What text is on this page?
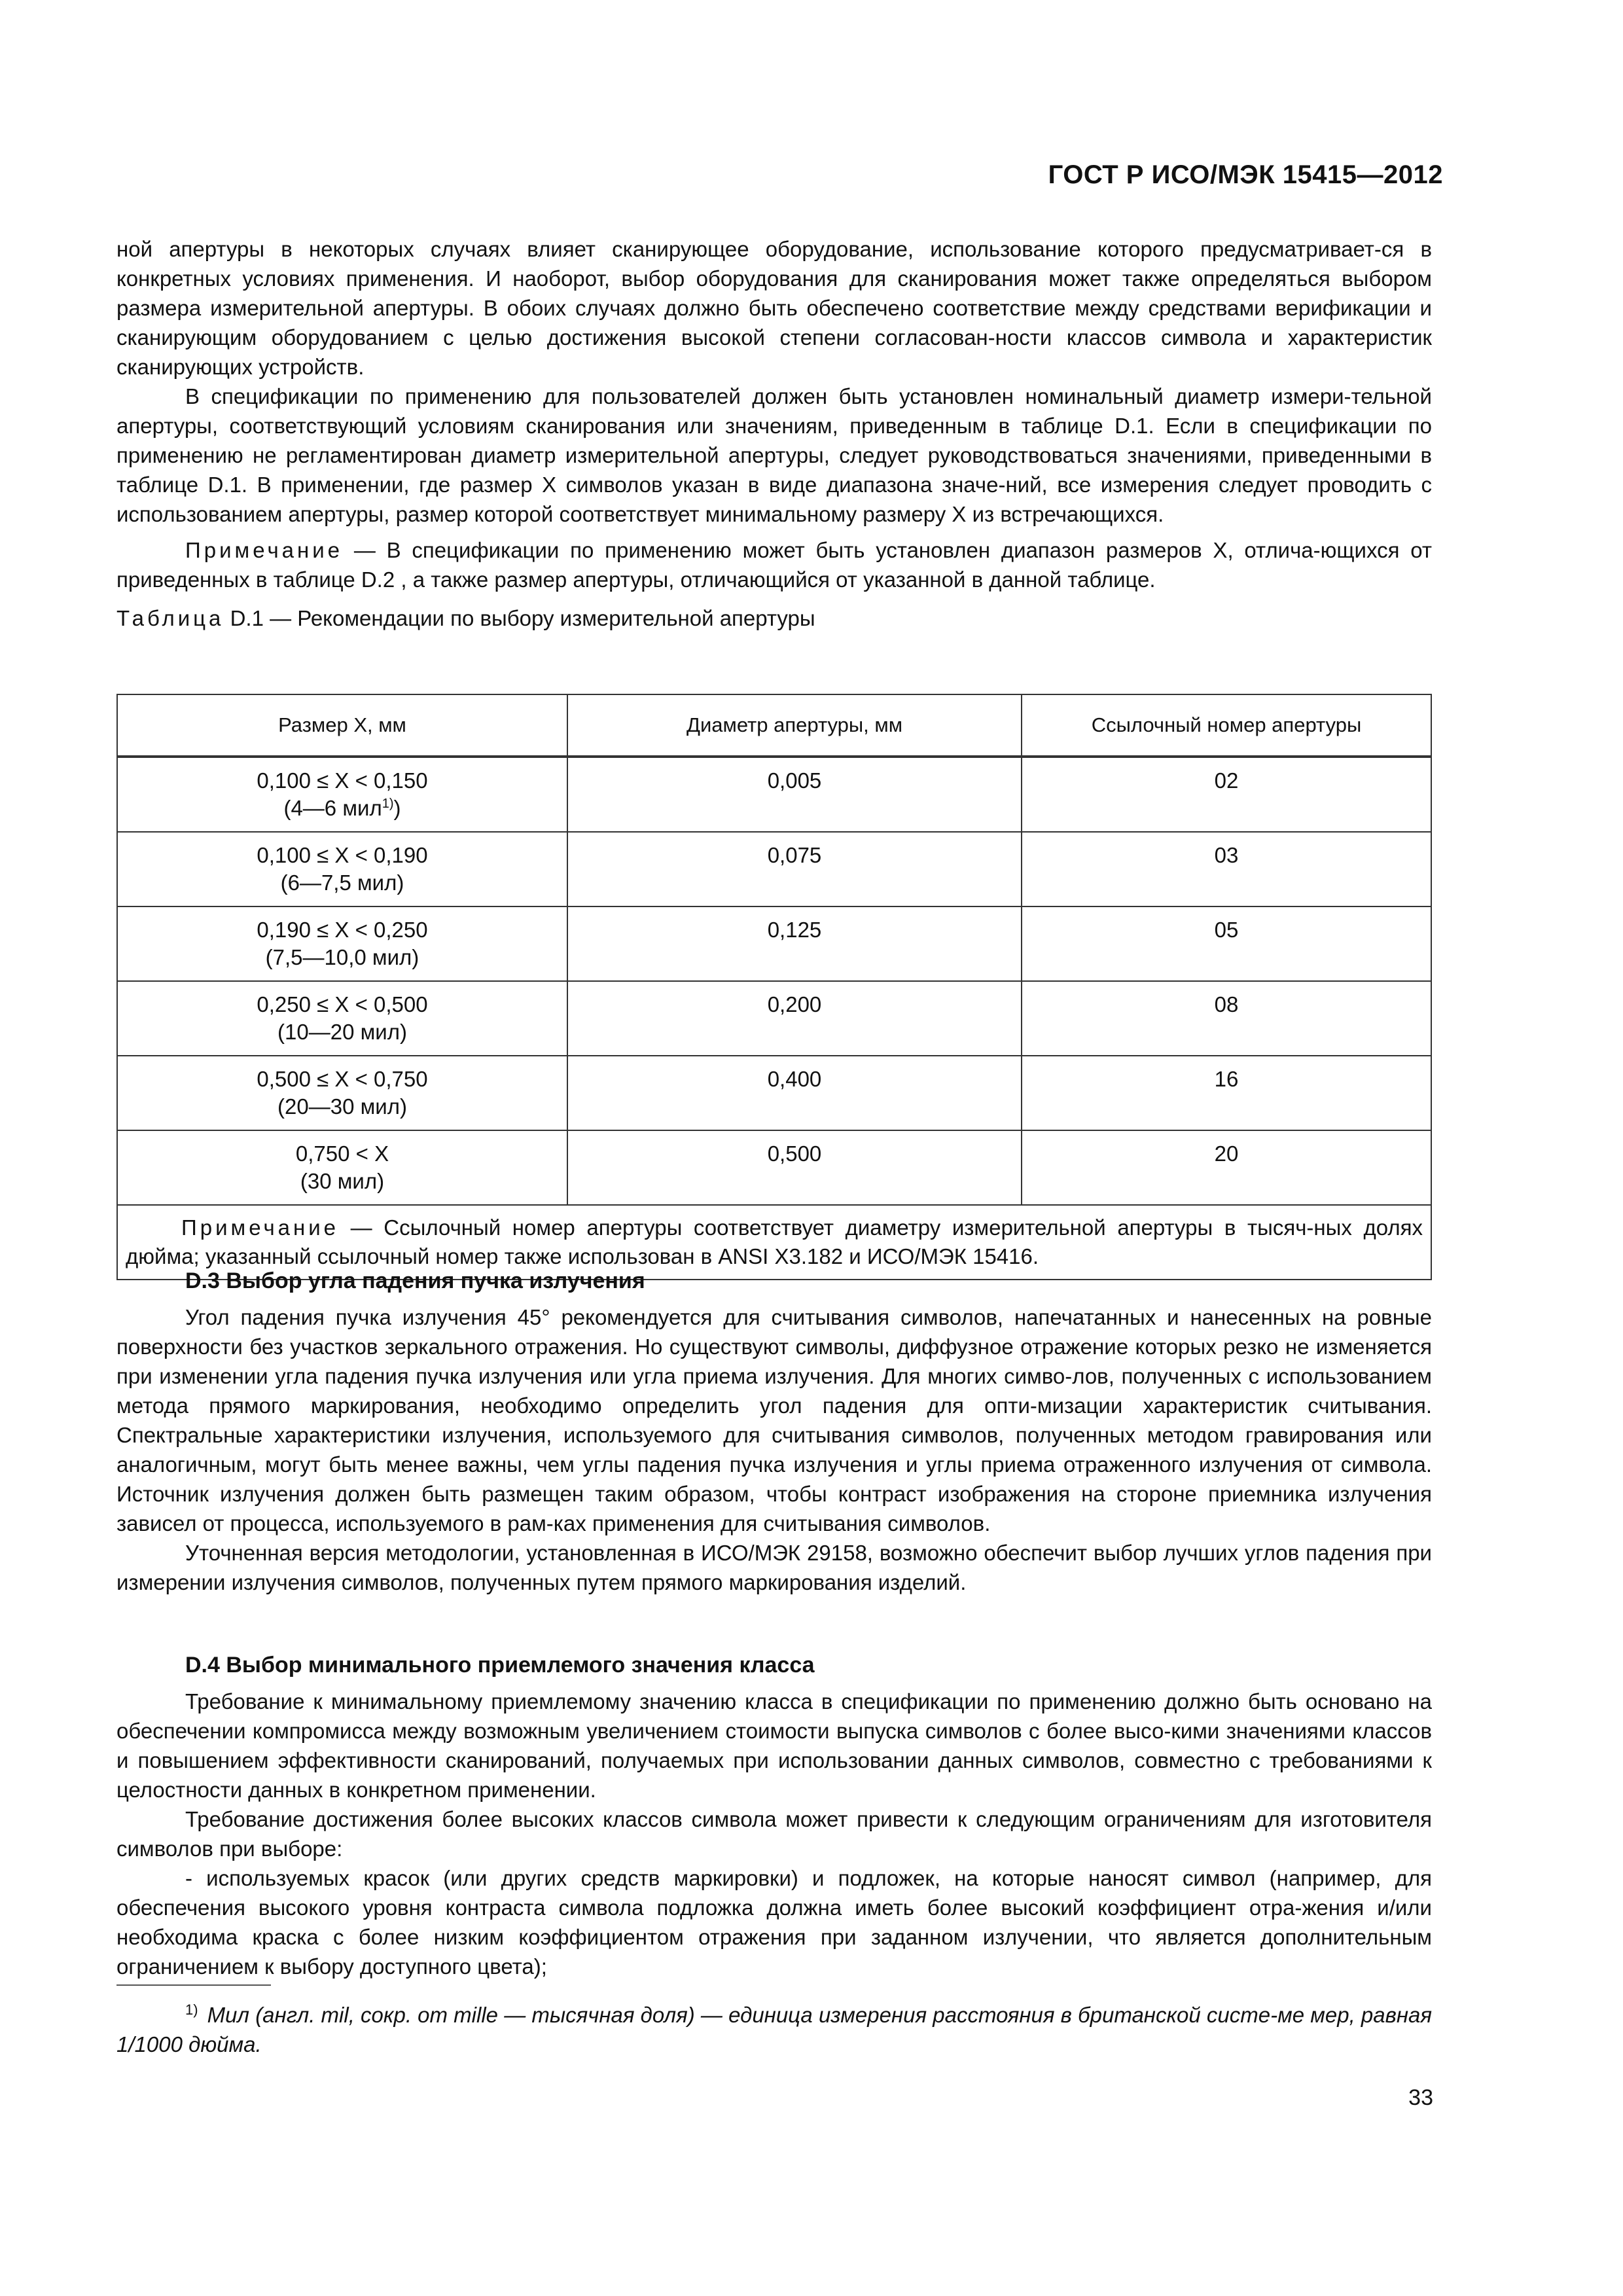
ГОСТ Р ИСО/МЭК 15415—2012

ной апертуры в некоторых случаях влияет сканирующее оборудование, использование которого предусматривает-ся в конкретных условиях применения. И наоборот, выбор оборудования для сканирования может также определяться выбором размера измерительной апертуры. В обоих случаях должно быть обеспечено соответствие между средствами верификации и сканирующим оборудованием с целью достижения высокой степени согласован-ности классов символа и характеристик сканирующих устройств.

В спецификации по применению для пользователей должен быть установлен номинальный диаметр измери-тельной апертуры, соответствующий условиям сканирования или значениям, приведенным в таблице D.1. Если в спецификации по применению не регламентирован диаметр измерительной апертуры, следует руководствоваться значениями, приведенными в таблице D.1. В применении, где размер X символов указан в виде диапазона значе-ний, все измерения следует проводить с использованием апертуры, размер которой соответствует минимальному размеру X из встречающихся.

Примечание — В спецификации по применению может быть установлен диапазон размеров X, отлича-ющихся от приведенных в таблице D.2 , а также размер апертуры, отличающийся от указанной в данной таблице.

Таблица D.1 — Рекомендации по выбору измерительной апертуры

Размер X, мм	Диаметр апертуры, мм	Ссылочный номер апертуры
0,100 ≤ X < 0,150
(4—6 мил$^{1)}$)	0,005	02
0,100 ≤ X < 0,190
(6—7,5 мил)	0,075	03
0,190 ≤ X < 0,250
(7,5—10,0 мил)	0,125	05
0,250 ≤ X < 0,500
(10—20 мил)	0,200	08
0,500 ≤ X < 0,750
(20—30 мил)	0,400	16
0,750 < X
(30 мил)	0,500	20
Примечание — Ссылочный номер апертуры соответствует диаметру измерительной апертуры в тысяч-ных долях дюйма; указанный ссылочный номер также использован в ANSI X3.182 и ИСО/МЭК 15416.		

D.3 Выбор угла падения пучка излучения

Угол падения пучка излучения 45° рекомендуется для считывания символов, напечатанных и нанесенных на ровные поверхности без участков зеркального отражения. Но существуют символы, диффузное отражение которых резко не изменяется при изменении угла падения пучка излучения или угла приема излучения. Для многих симво-лов, полученных с использованием метода прямого маркирования, необходимо определить угол падения для опти-мизации характеристик считывания. Спектральные характеристики излучения, используемого для считывания символов, полученных методом гравирования или аналогичным, могут быть менее важны, чем углы падения пучка излучения и углы приема отраженного излучения от символа. Источник излучения должен быть размещен таким образом, чтобы контраст изображения на стороне приемника излучения зависел от процесса, используемого в рам-ках применения для считывания символов.

Уточненная версия методологии, установленная в ИСО/МЭК 29158, возможно обеспечит выбор лучших углов падения при измерении излучения символов, полученных путем прямого маркирования изделий.

D.4 Выбор минимального приемлемого значения класса

Требование к минимальному приемлемому значению класса в спецификации по применению должно быть основано на обеспечении компромисса между возможным увеличением стоимости выпуска символов с более высо-кими значениями классов и повышением эффективности сканирований, получаемых при использовании данных символов, совместно с требованиями к целостности данных в конкретном применении.

Требование достижения более высоких классов символа может привести к следующим ограничениям для изготовителя символов при выборе:

- используемых красок (или других средств маркировки) и подложек, на которые наносят символ (например, для обеспечения высокого уровня контраста символа подложка должна иметь более высокий коэффициент отра-жения и/или необходима краска с более низким коэффициентом отражения при заданном излучении, что является дополнительным ограничением к выбору доступного цвета);

$^{1)}$ Мил (англ. mil, сокр. от mille — тысячная доля) — единица измерения расстояния в британской систе-ме мер, равная 1/1000 дюйма.
33
